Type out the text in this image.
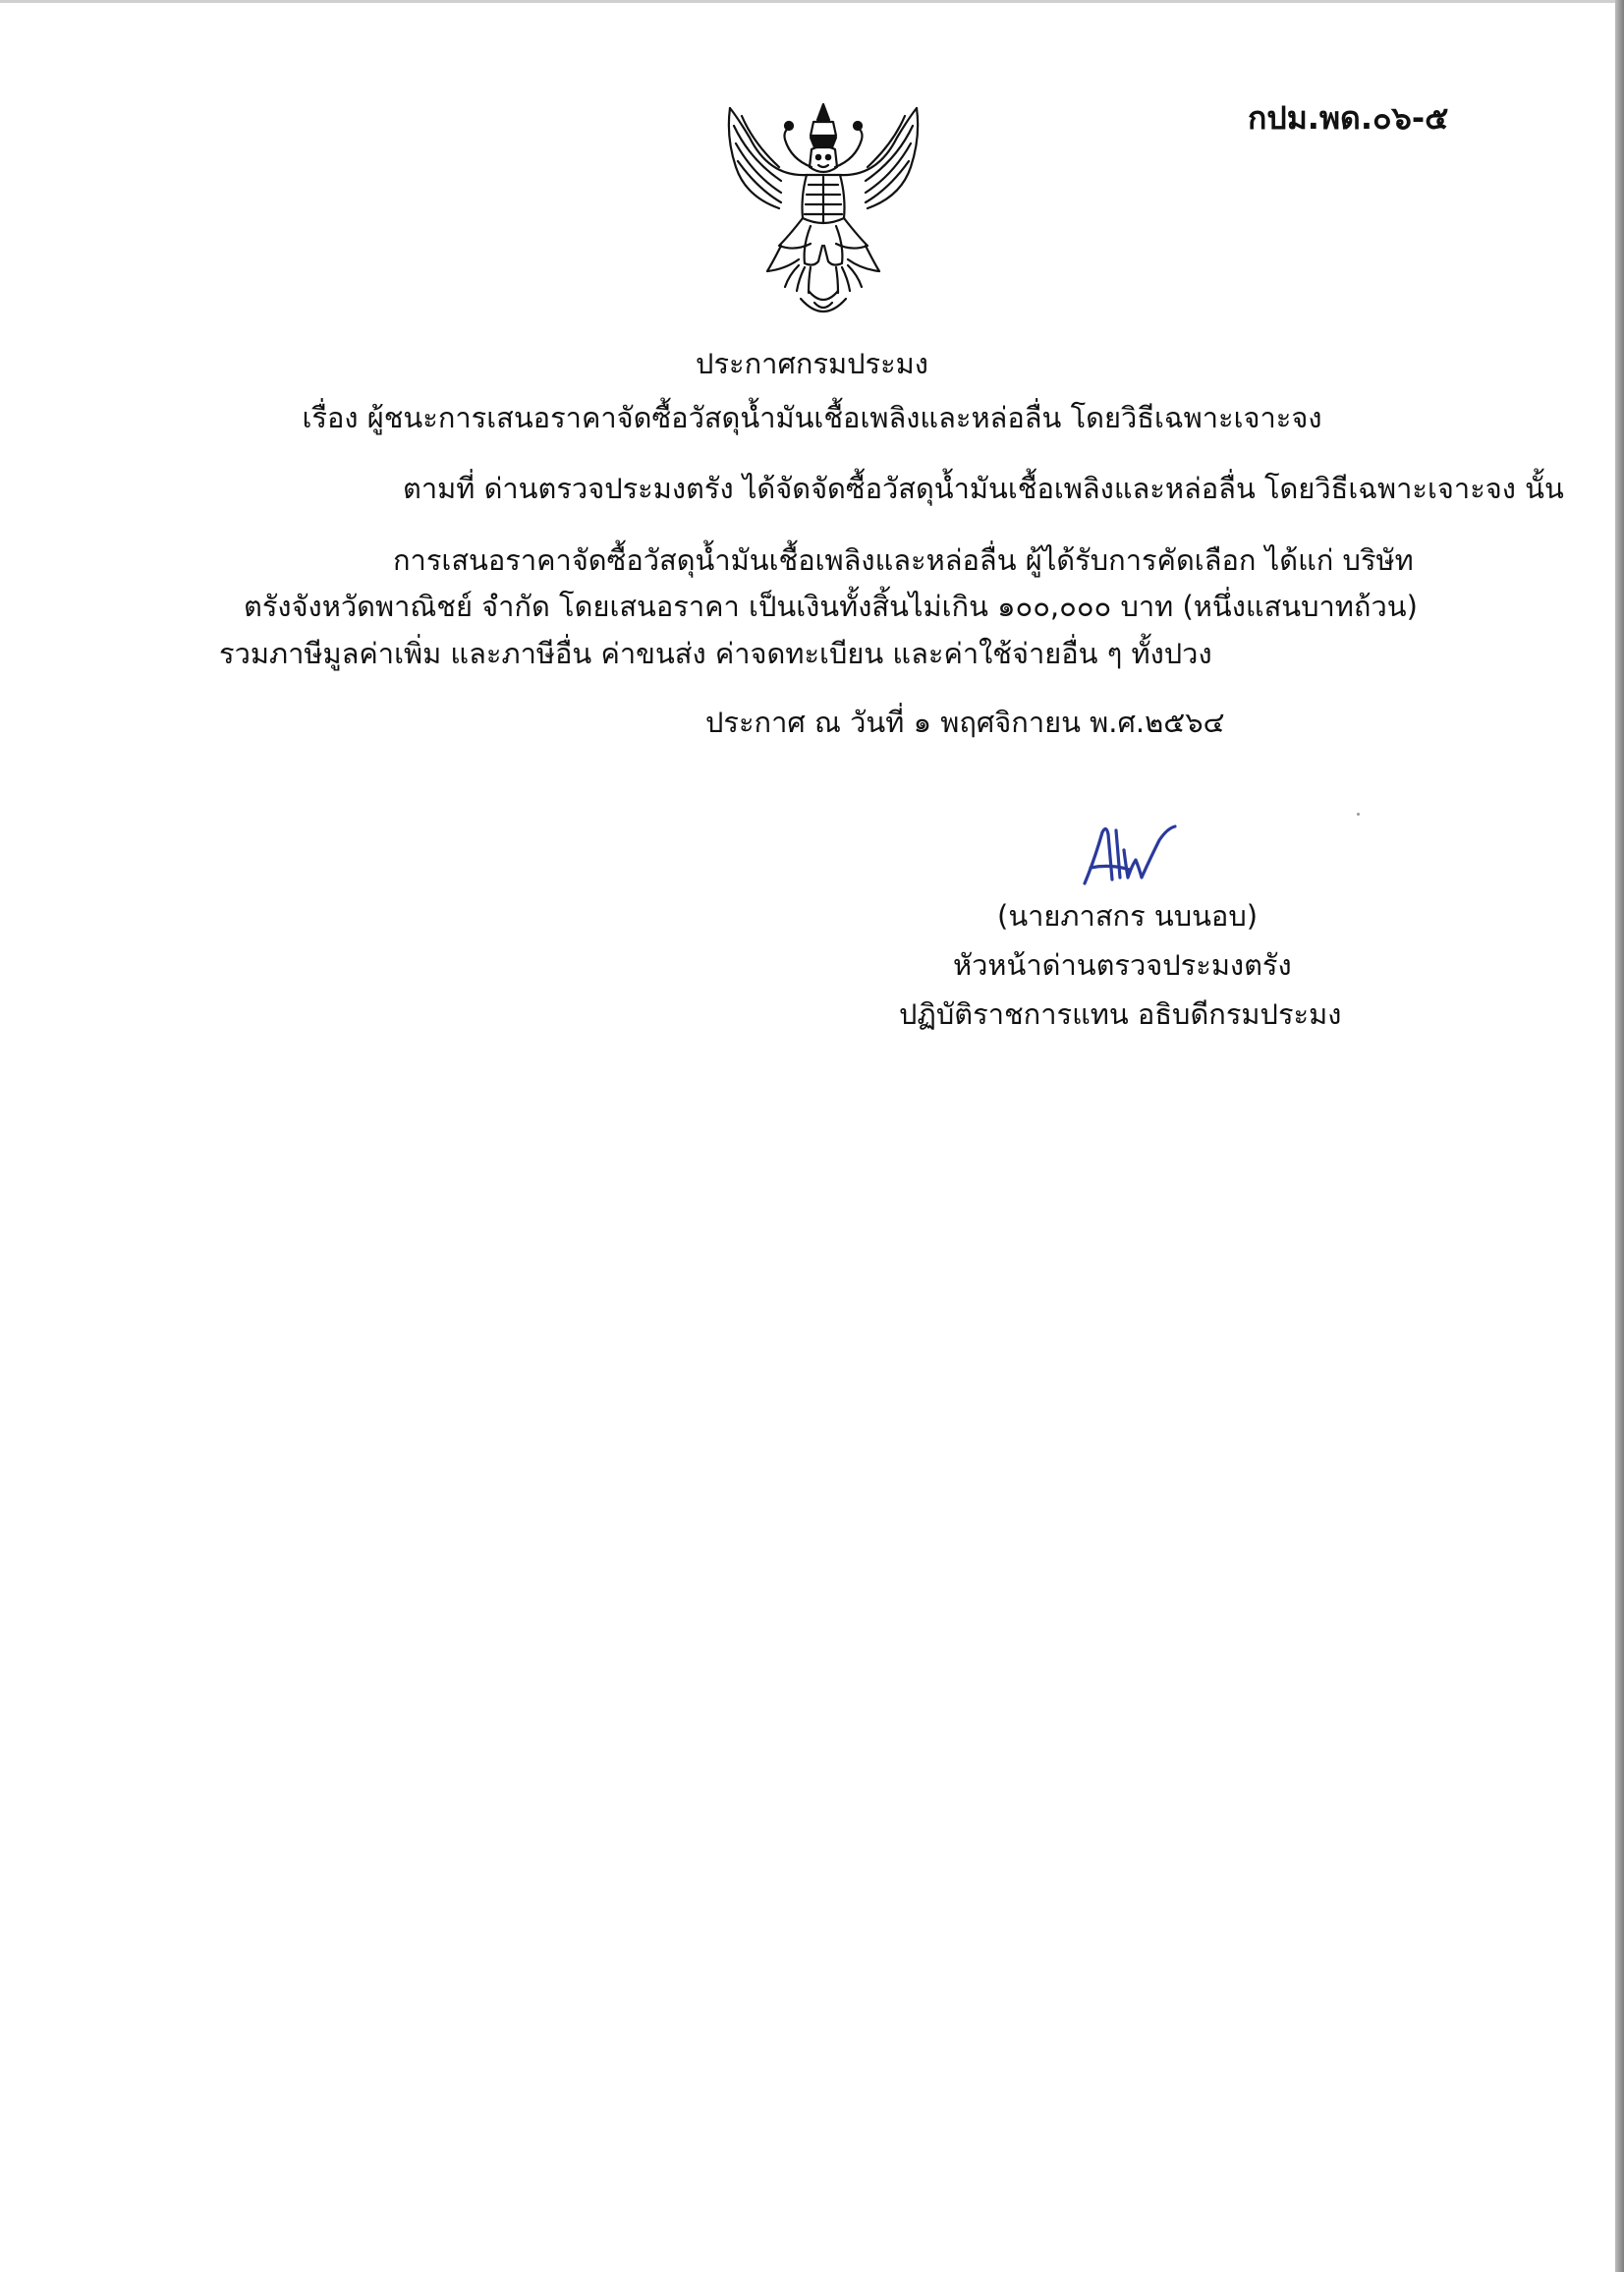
กปม.พด.๐๖-๕
ประกาศกรมประมง
เรื่อง ผู้ชนะการเสนอราคาจัดซื้อวัสดุน้ำมันเชื้อเพลิงและหล่อลื่น โดยวิธีเฉพาะเจาะจง
ตามที่ ด่านตรวจประมงตรัง ได้จัดจัดซื้อวัสดุน้ำมันเชื้อเพลิงและหล่อลื่น โดยวิธีเฉพาะเจาะจง นั้น
การเสนอราคาจัดซื้อวัสดุน้ำมันเชื้อเพลิงและหล่อลื่น ผู้ได้รับการคัดเลือก ได้แก่ บริษัท
ตรังจังหวัดพาณิชย์ จำกัด โดยเสนอราคา เป็นเงินทั้งสิ้นไม่เกิน ๑๐๐,๐๐๐ บาท (หนึ่งแสนบาทถ้วน)
รวมภาษีมูลค่าเพิ่ม และภาษีอื่น ค่าขนส่ง ค่าจดทะเบียน และค่าใช้จ่ายอื่น ๆ ทั้งปวง
ประกาศ ณ วันที่ ๑ พฤศจิกายน พ.ศ.๒๕๖๔
(นายภาสกร นบนอบ)
หัวหน้าด่านตรวจประมงตรัง
ปฏิบัติราชการแทน อธิบดีกรมประมง
